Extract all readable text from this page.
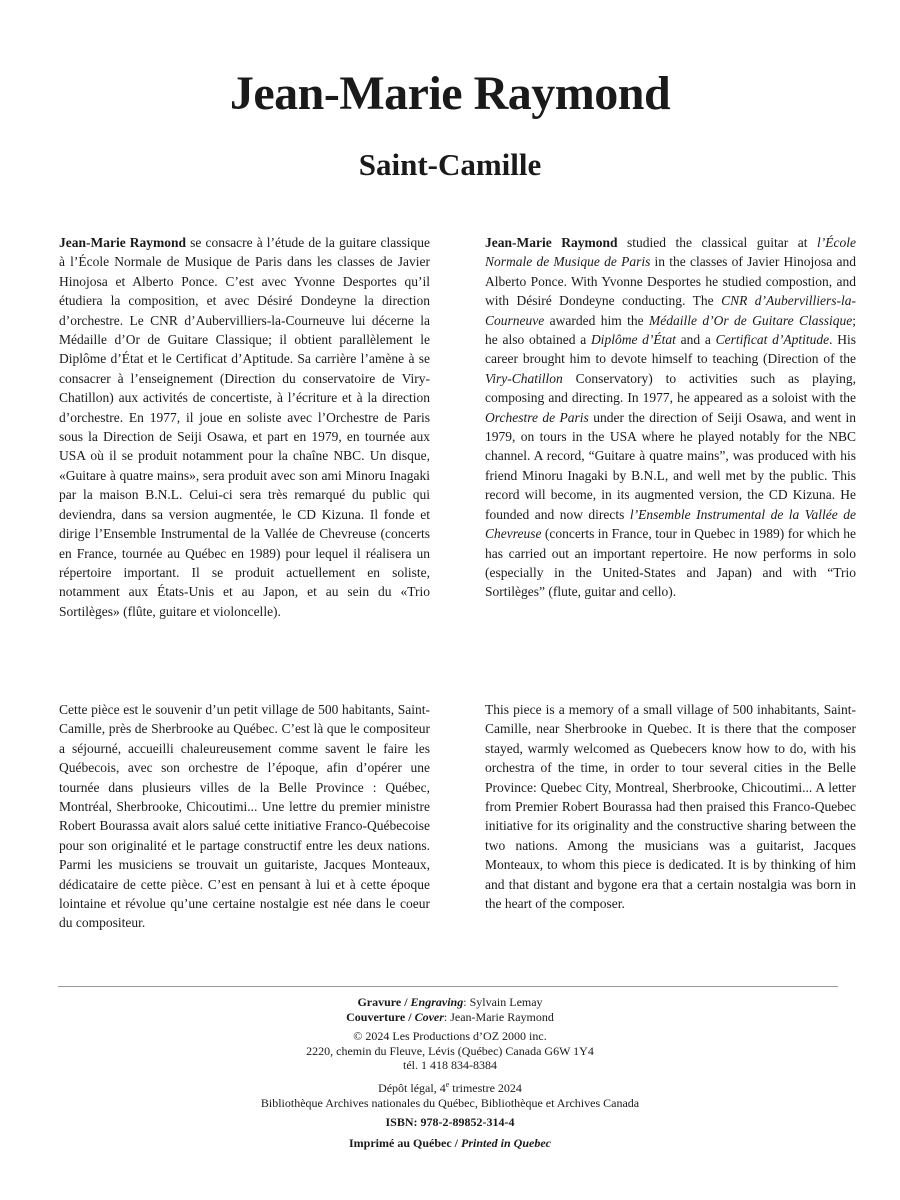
Jean-Marie Raymond
Saint-Camille

Jean-Marie Raymond se consacre à l’étude de la guitare classique à l’École Normale de Musique de Paris dans les classes de Javier Hinojosa et Alberto Ponce. C’est avec Yvonne Desportes qu’il étudiera la composition, et avec Désiré Dondeyne la direction d’orchestre. Le CNR d’Aubervilliers-la-Courneuve lui décerne la Médaille d’Or de Guitare Classique; il obtient parallèlement le Diplôme d’État et le Certificat d’Aptitude. Sa carrière l’amène à se consacrer à l’enseignement (Direction du conservatoire de Viry-Chatillon) aux activités de concertiste, à l’écriture et à la direction d’orchestre. En 1977, il joue en soliste avec l’Orchestre de Paris sous la Direction de Seiji Osawa, et part en 1979, en tournée aux USA où il se produit notamment pour la chaîne NBC. Un disque, «Guitare à quatre mains», sera produit avec son ami Minoru Inagaki par la maison B.N.L. Celui-ci sera très remarqué du public qui deviendra, dans sa version augmentée, le CD Kizuna. Il fonde et dirige l’Ensemble Instrumental de la Vallée de Chevreuse (concerts en France, tournée au Québec en 1989) pour lequel il réalisera un répertoire important. Il se produit actuellement en soliste, notamment aux États-Unis et au Japon, et au sein du «Trio Sortilèges» (flûte, guitare et violoncelle).

Jean-Marie Raymond studied the classical guitar at l’École Normale de Musique de Paris in the classes of Javier Hinojosa and Alberto Ponce. With Yvonne Desportes he studied compostion, and with Désiré Dondeyne conducting. The CNR d’Aubervilliers-la-Courneuve awarded him the Médaille d’Or de Guitare Classique; he also obtained a Diplôme d’État and a Certificat d’Aptitude. His career brought him to devote himself to teaching (Direction of the Viry-Chatillon Conservatory) to activities such as playing, composing and directing. In 1977, he appeared as a soloist with the Orchestre de Paris under the direction of Seiji Osawa, and went in 1979, on tours in the USA where he played notably for the NBC channel. A record, “Guitare à quatre mains”, was produced with his friend Minoru Inagaki by B.N.L, and well met by the public. This record will become, in its augmented version, the CD Kizuna. He founded and now directs l’Ensemble Instrumental de la Vallée de Chevreuse (concerts in France, tour in Quebec in 1989) for which he has carried out an important repertoire. He now performs in solo (especially in the United-States and Japan) and with “Trio Sortilèges” (flute, guitar and cello).

Cette pièce est le souvenir d’un petit village de 500 habitants, Saint-Camille, près de Sherbrooke au Québec. C’est là que le compositeur a séjourné, accueilli chaleureusement comme savent le faire les Québecois, avec son orchestre de l’époque, afin d’opérer une tournée dans plusieurs villes de la Belle Province : Québec, Montréal, Sherbrooke, Chicoutimi... Une lettre du premier ministre Robert Bourassa avait alors salué cette initiative Franco-Québecoise pour son originalité et le partage constructif entre les deux nations. Parmi les musiciens se trouvait un guitariste, Jacques Monteaux, dédicataire de cette pièce. C’est en pensant à lui et à cette époque lointaine et révolue qu’une certaine nostalgie est née dans le coeur du compositeur.

This piece is a memory of a small village of 500 inhabitants, Saint-Camille, near Sherbrooke in Quebec. It is there that the composer stayed, warmly welcomed as Quebecers know how to do, with his orchestra of the time, in order to tour several cities in the Belle Province: Quebec City, Montreal, Sherbrooke, Chicoutimi... A letter from Premier Robert Bourassa had then praised this Franco-Quebec initiative for its originality and the constructive sharing between the two nations. Among the musicians was a guitarist, Jacques Monteaux, to whom this piece is dedicated. It is by thinking of him and that distant and bygone era that a certain nostalgia was born in the heart of the composer.

Gravure / Engraving: Sylvain Lemay

Couverture / Cover: Jean-Marie Raymond

© 2024 Les Productions d’OZ 2000 inc.

2220, chemin du Fleuve, Lévis (Québec) Canada G6W 1Y4

tél. 1 418 834-8384

Dépôt légal, 4e trimestre 2024

Bibliothèque Archives nationales du Québec, Bibliothèque et Archives Canada

ISBN: 978-2-89852-314-4

Imprimé au Québec / Printed in Quebec
